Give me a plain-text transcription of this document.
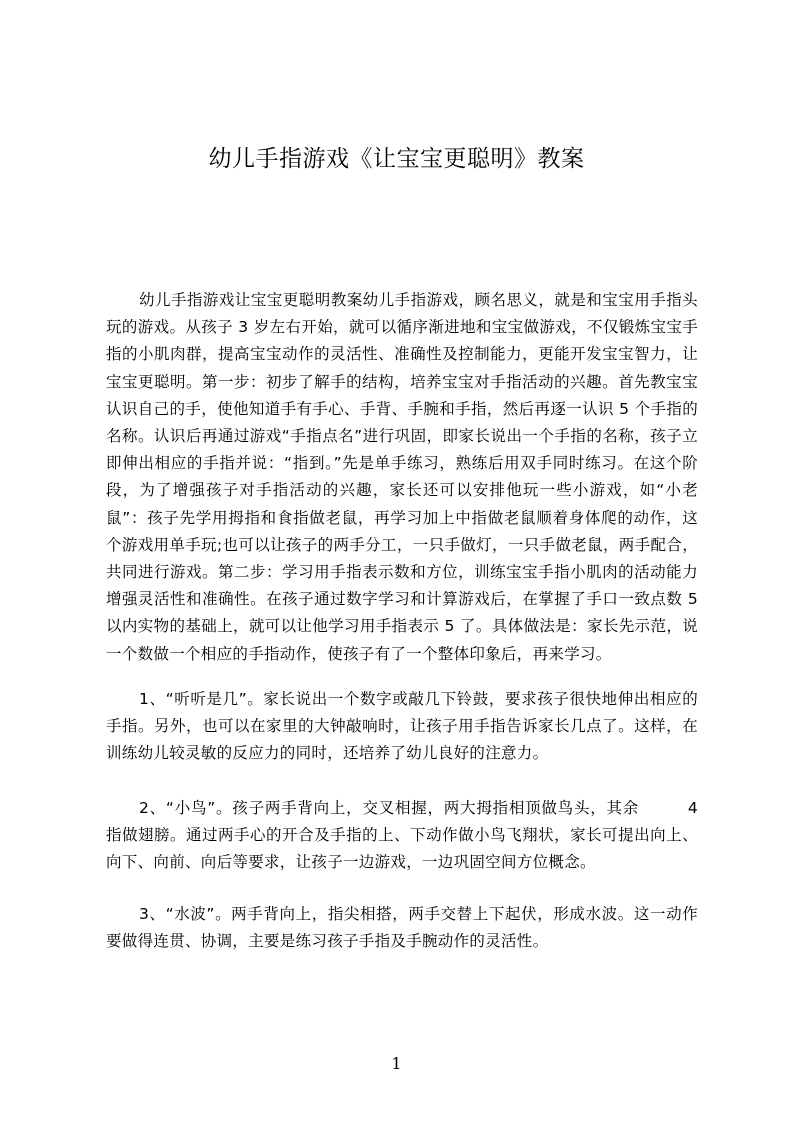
幼儿手指游戏《让宝宝更聪明》教案

幼儿手指游戏让宝宝更聪明教案幼儿手指游戏，顾名思义，就是和宝宝用手指头玩的游戏。从孩子 3 岁左右开始，就可以循序渐进地和宝宝做游戏，不仅锻炼宝宝手指的小肌肉群，提高宝宝动作的灵活性、准确性及控制能力，更能开发宝宝智力，让宝宝更聪明。第一步：初步了解手的结构，培养宝宝对手指活动的兴趣。首先教宝宝认识自己的手，使他知道手有手心、手背、手腕和手指，然后再逐一认识 5 个手指的名称。认识后再通过游戏“手指点名”进行巩固，即家长说出一个手指的名称，孩子立即伸出相应的手指并说：“指到。”先是单手练习，熟练后用双手同时练习。在这个阶段，为了增强孩子对手指活动的兴趣，家长还可以安排他玩一些小游戏，如“小老鼠”：孩子先学用拇指和食指做老鼠，再学习加上中指做老鼠顺着身体爬的动作，这个游戏用单手玩;也可以让孩子的两手分工，一只手做灯，一只手做老鼠，两手配合，共同进行游戏。第二步：学习用手指表示数和方位，训练宝宝手指小肌肉的活动能力增强灵活性和准确性。在孩子通过数字学习和计算游戏后，在掌握了手口一致点数 5 以内实物的基础上，就可以让他学习用手指表示 5 了。具体做法是：家长先示范，说一个数做一个相应的手指动作，使孩子有了一个整体印象后，再来学习。

1、“听听是几”。家长说出一个数字或敲几下铃鼓，要求孩子很快地伸出相应的手指。另外，也可以在家里的大钟敲响时，让孩子用手指告诉家长几点了。这样，在训练幼儿较灵敏的反应力的同时，还培养了幼儿良好的注意力。

2、“小鸟”。孩子两手背向上，交叉相握，两大拇指相顶做鸟头，其余　　　4 指做翅膀。通过两手心的开合及手指的上、下动作做小鸟飞翔状，家长可提出向上、向下、向前、向后等要求，让孩子一边游戏，一边巩固空间方位概念。

3、“水波”。两手背向上，指尖相搭，两手交替上下起伏，形成水波。这一动作要做得连贯、协调，主要是练习孩子手指及手腕动作的灵活性。

1
